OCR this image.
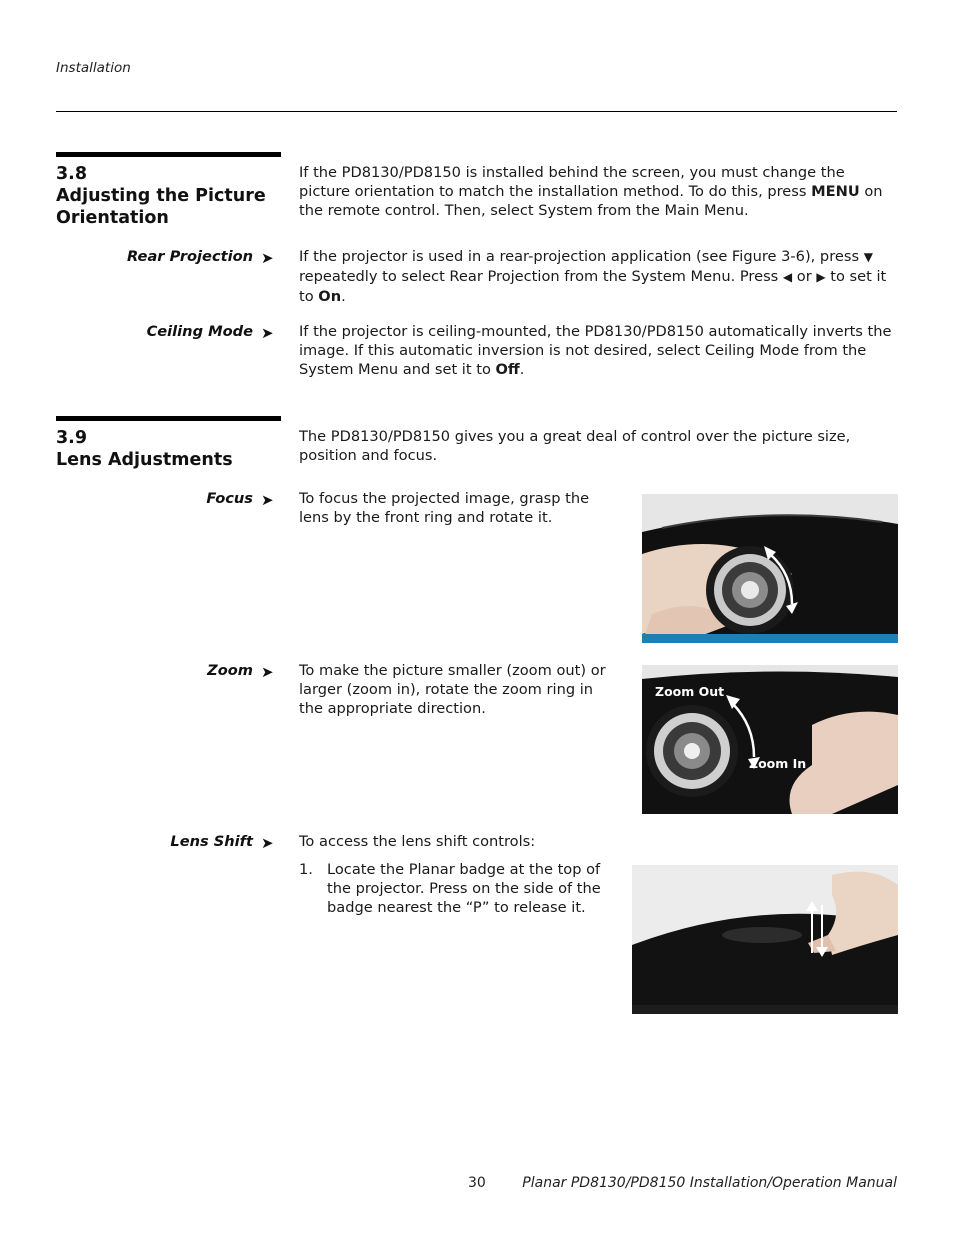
Installation
3.8
Adjusting the Picture Orientation
If the PD8130/PD8150 is installed behind the screen, you must change the picture orientation to match the installation method. To do this, press MENU on the remote control. Then, select System from the Main Menu.
Rear Projection ➤ If the projector is used in a rear-projection application (see Figure 3-6), press ▼ repeatedly to select Rear Projection from the System Menu. Press ◀ or ▶ to set it to On.
Ceiling Mode ➤ If the projector is ceiling-mounted, the PD8130/PD8150 automatically inverts the image. If this automatic inversion is not desired, select Ceiling Mode from the System Menu and set it to Off.
3.9
Lens Adjustments
The PD8130/PD8150 gives you a great deal of control over the picture size, position and focus.
Focus ➤ To focus the projected image, grasp the lens by the front ring and rotate it.
Zoom ➤ To make the picture smaller (zoom out) or larger (zoom in), rotate the zoom ring in the appropriate direction.
Zoom Out
Zoom In
Lens Shift ➤ To access the lens shift controls:
1. Locate the Planar badge at the top of the projector. Press on the side of the badge nearest the “P” to release it.
30	Planar PD8130/PD8150 Installation/Operation Manual
